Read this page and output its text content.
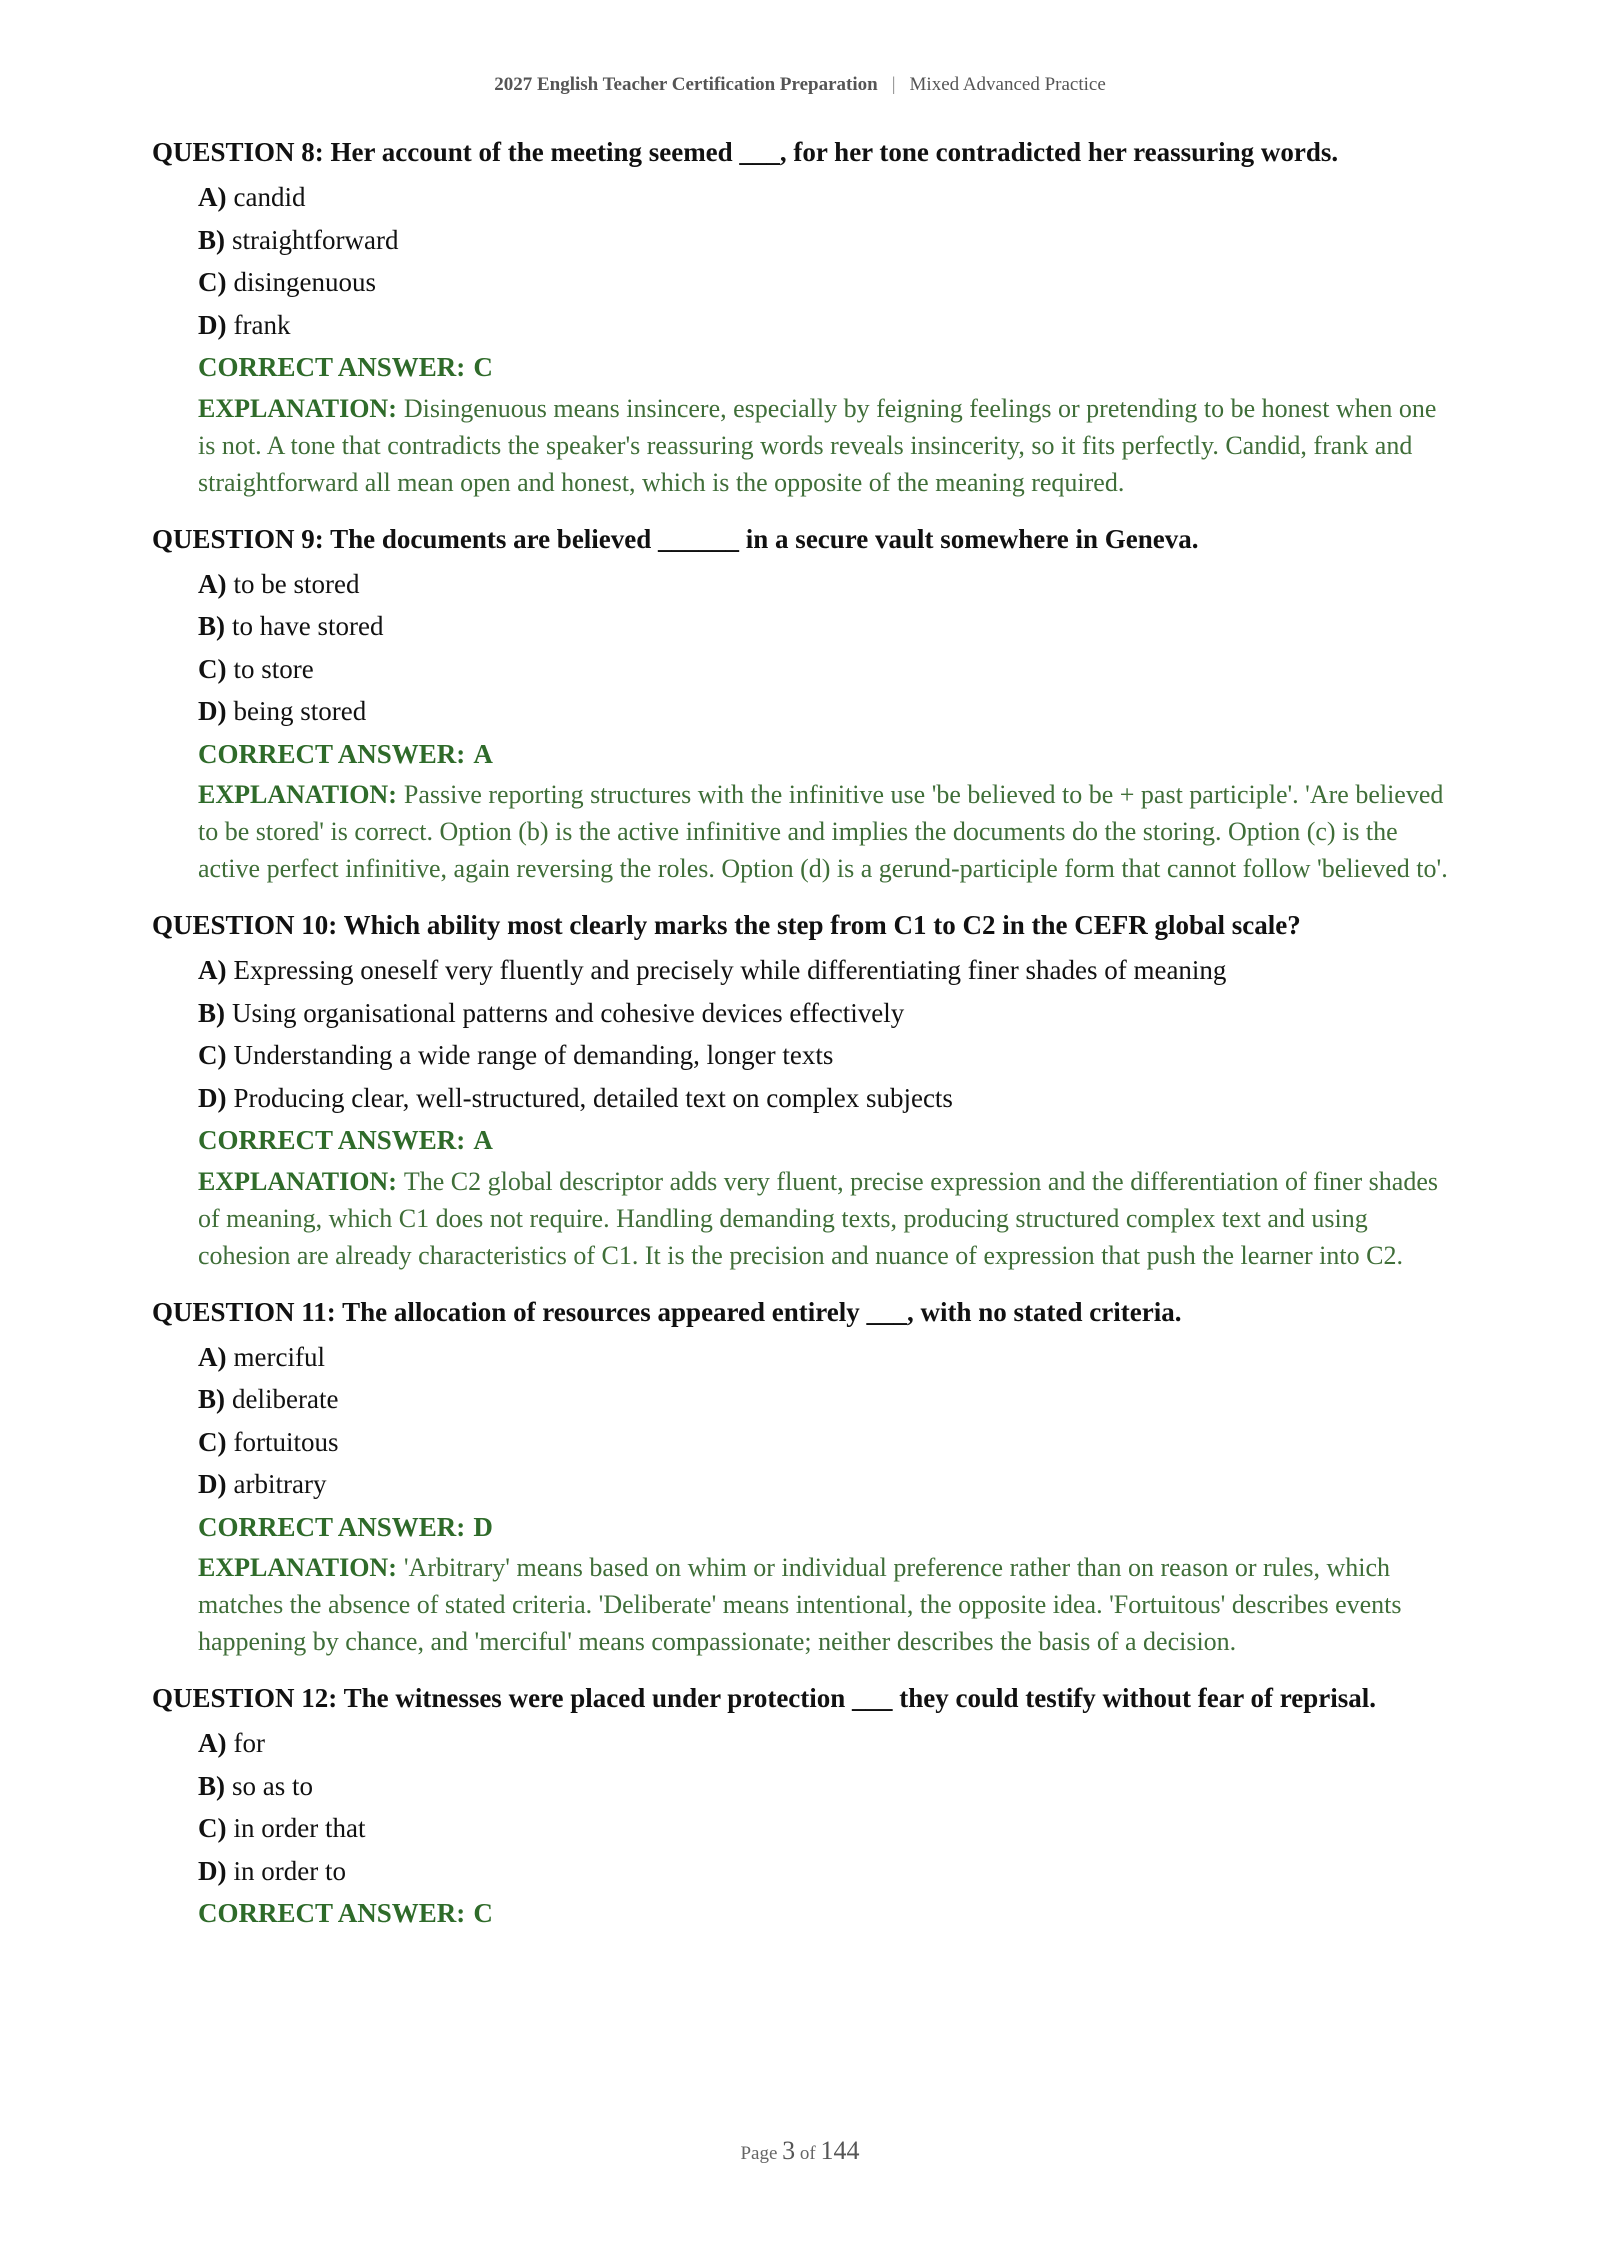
2027 English Teacher Certification Preparation | Mixed Advanced Practice
QUESTION 8: Her account of the meeting seemed ___, for her tone contradicted her reassuring words.
A) candid
B) straightforward
C) disingenuous
D) frank
CORRECT ANSWER: C
EXPLANATION: Disingenuous means insincere, especially by feigning feelings or pretending to be honest when one is not. A tone that contradicts the speaker's reassuring words reveals insincerity, so it fits perfectly. Candid, frank and straightforward all mean open and honest, which is the opposite of the meaning required.
QUESTION 9: The documents are believed ______ in a secure vault somewhere in Geneva.
A) to be stored
B) to have stored
C) to store
D) being stored
CORRECT ANSWER: A
EXPLANATION: Passive reporting structures with the infinitive use 'be believed to be + past participle'. 'Are believed to be stored' is correct. Option (b) is the active infinitive and implies the documents do the storing. Option (c) is the active perfect infinitive, again reversing the roles. Option (d) is a gerund-participle form that cannot follow 'believed to'.
QUESTION 10: Which ability most clearly marks the step from C1 to C2 in the CEFR global scale?
A) Expressing oneself very fluently and precisely while differentiating finer shades of meaning
B) Using organisational patterns and cohesive devices effectively
C) Understanding a wide range of demanding, longer texts
D) Producing clear, well-structured, detailed text on complex subjects
CORRECT ANSWER: A
EXPLANATION: The C2 global descriptor adds very fluent, precise expression and the differentiation of finer shades of meaning, which C1 does not require. Handling demanding texts, producing structured complex text and using cohesion are already characteristics of C1. It is the precision and nuance of expression that push the learner into C2.
QUESTION 11: The allocation of resources appeared entirely ___, with no stated criteria.
A) merciful
B) deliberate
C) fortuitous
D) arbitrary
CORRECT ANSWER: D
EXPLANATION: 'Arbitrary' means based on whim or individual preference rather than on reason or rules, which matches the absence of stated criteria. 'Deliberate' means intentional, the opposite idea. 'Fortuitous' describes events happening by chance, and 'merciful' means compassionate; neither describes the basis of a decision.
QUESTION 12: The witnesses were placed under protection ___ they could testify without fear of reprisal.
A) for
B) so as to
C) in order that
D) in order to
CORRECT ANSWER: C
Page 3 of 144
